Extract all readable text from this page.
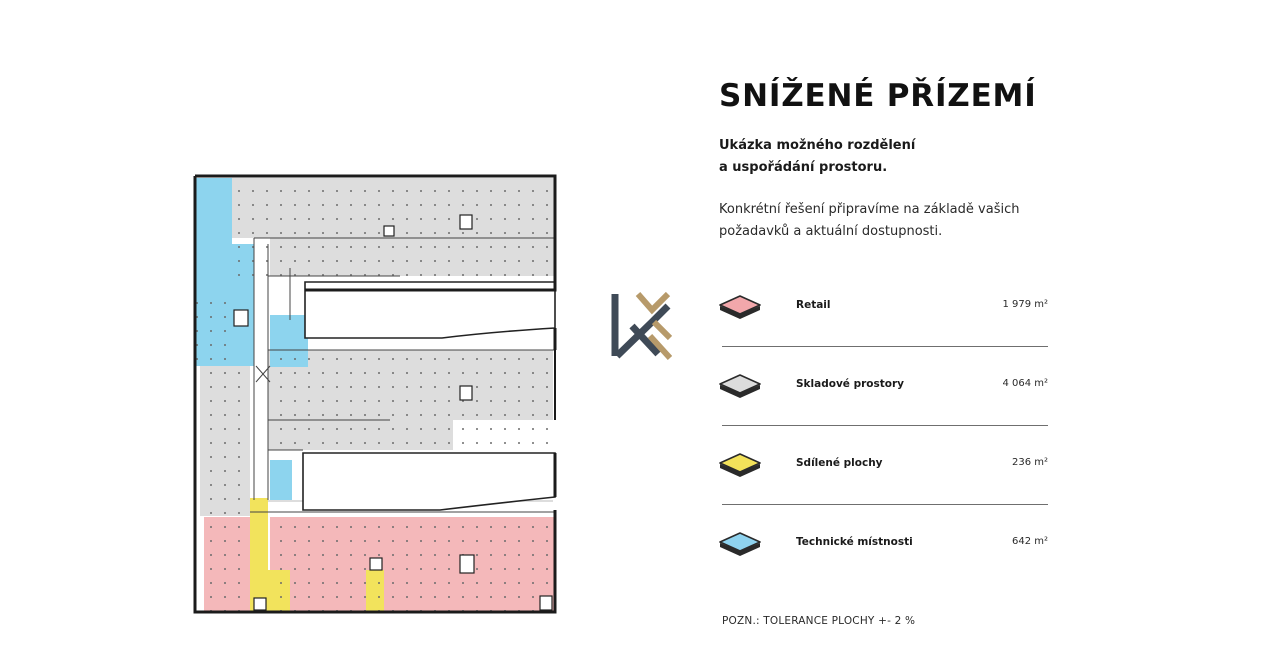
SNÍŽENÉ PŘÍZEMÍ
Ukázka možného rozdělení
a uspořádání prostoru.
Konkrétní řešení připravíme na základě vašich
požadavků a aktuální dostupnosti.
Retail	1 979 m²
Skladové prostory	4 064 m²
Sdílené plochy	236 m²
Technické místnosti	642 m²
POZN.: TOLERANCE PLOCHY +- 2 %
